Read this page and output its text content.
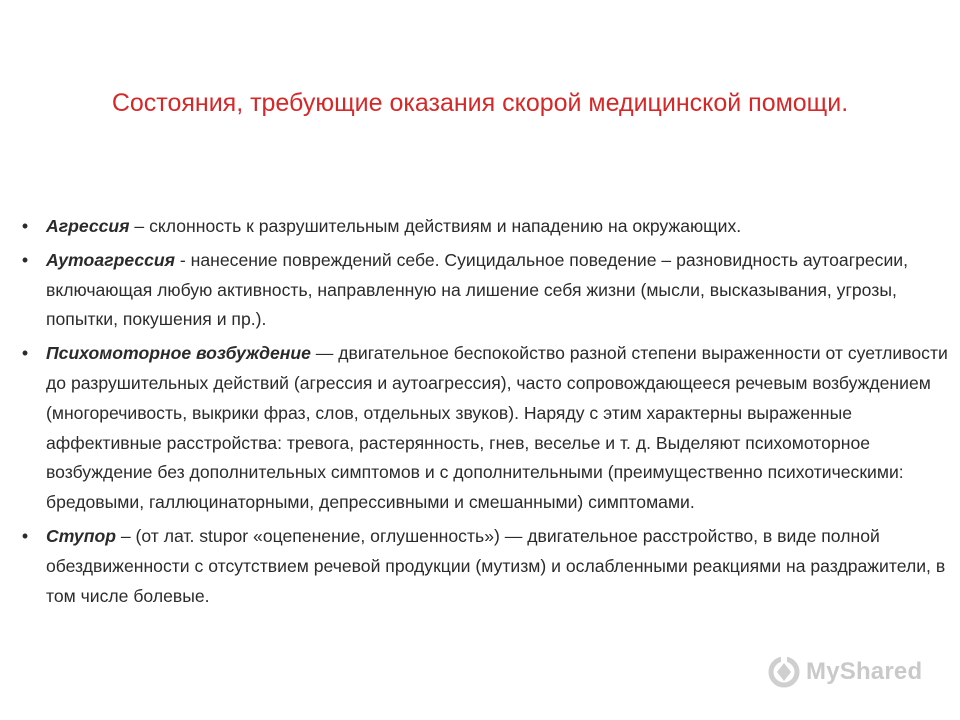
Состояния, требующие оказания скорой медицинской помощи.
• Агрессия – склонность к разрушительным действиям и нападению на окружающих.
• Аутоагрессия - нанесение повреждений себе. Суицидальное поведение – разновидность аутоагресии, включающая любую активность, направленную на лишение себя жизни (мысли, высказывания, угрозы, попытки, покушения и пр.).
• Психомоторное возбуждение — двигательное беспокойство разной степени выраженности от суетливости до разрушительных действий (агрессия и аутоагрессия), часто сопровождающееся речевым возбуждением (многоречивость, выкрики фраз, слов, отдельных звуков). Наряду с этим характерны выраженные аффективные расстройства: тревога, растерянность, гнев, веселье и т. д. Выделяют психомоторное возбуждение без дополнительных симптомов и с дополнительными (преимущественно психотическими: бредовыми, галлюцинаторными, депрессивными и смешанными) симптомами.
• Ступор – (от лат. stupor «оцепенение, оглушенность») — двигательное расстройство, в виде полной обездвиженности с отсутствием речевой продукции (мутизм) и ослабленными реакциями на раздражители, в том числе болевые.
MyShared
